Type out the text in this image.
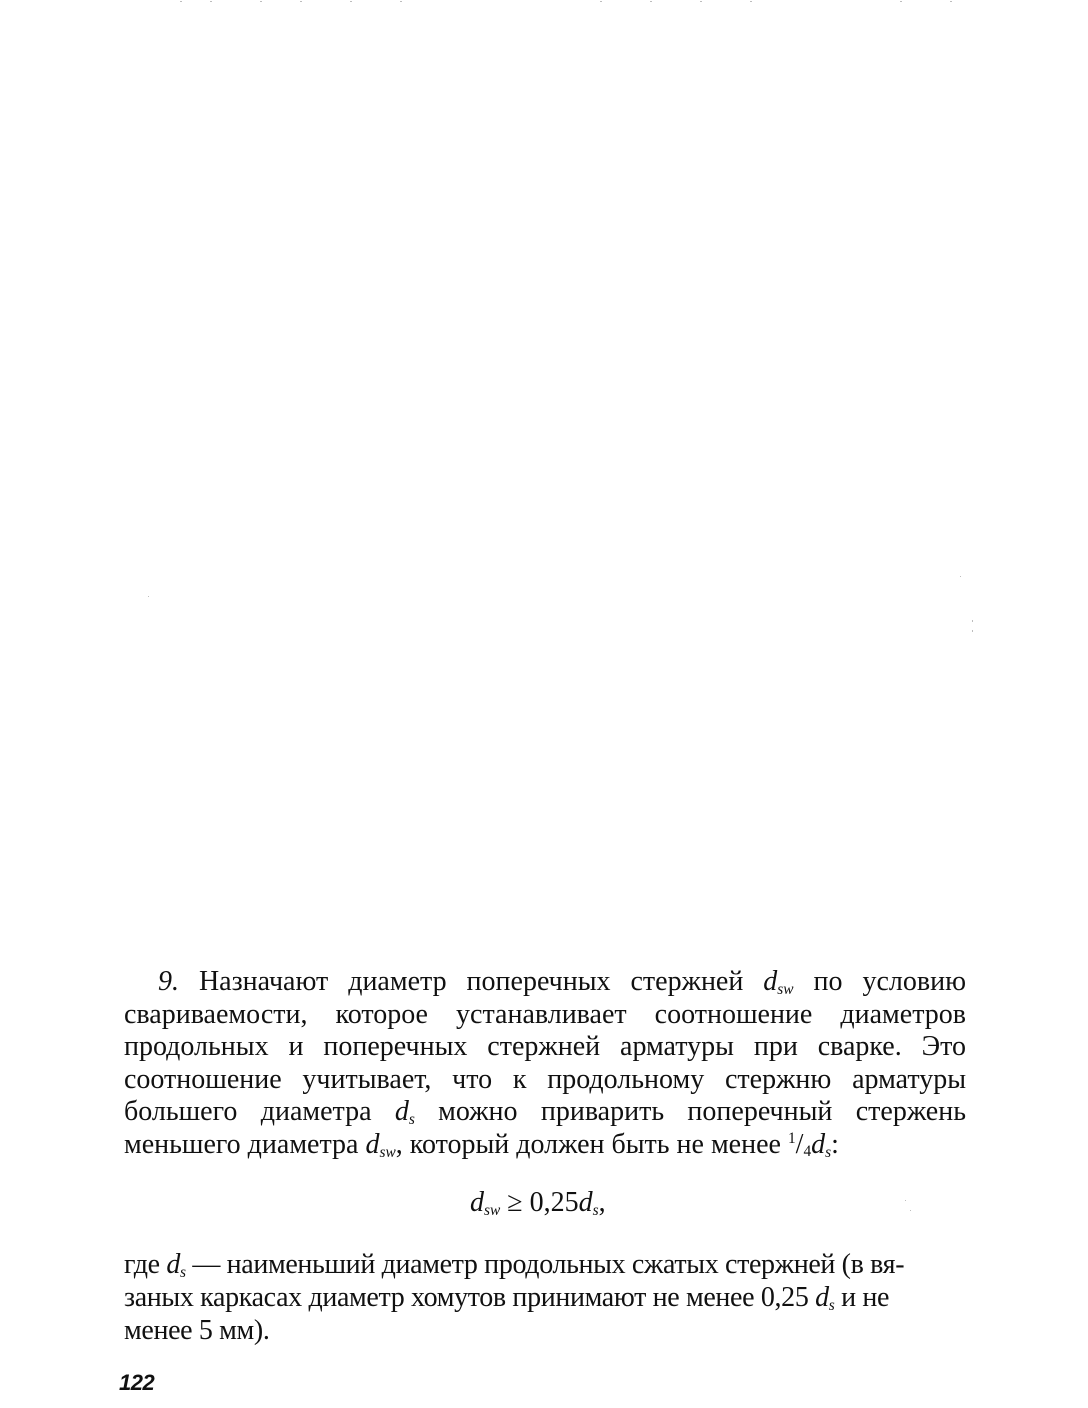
9. Назначают диаметр поперечных стержней $d_{sw}$ по условию
свариваемости, которое устанавливает соотношение диаметров
продольных и поперечных стержней арматуры при сварке. Это
соотношение учитывает, что к продольному стержню арматуры
большего диаметра $d_s$ можно приварить поперечный стержень
меньшего диаметра $d_{sw}$, который должен быть не менее $^1/4d_s$:
$d_{sw} \ge 0,25d_s$,
где $d_s$ — наименьший диаметр продольных сжатых стержней (в вя-
заных каркасах диаметр хомутов принимают не менее 0,25 $d_s$ и не
менее 5 мм).
122
